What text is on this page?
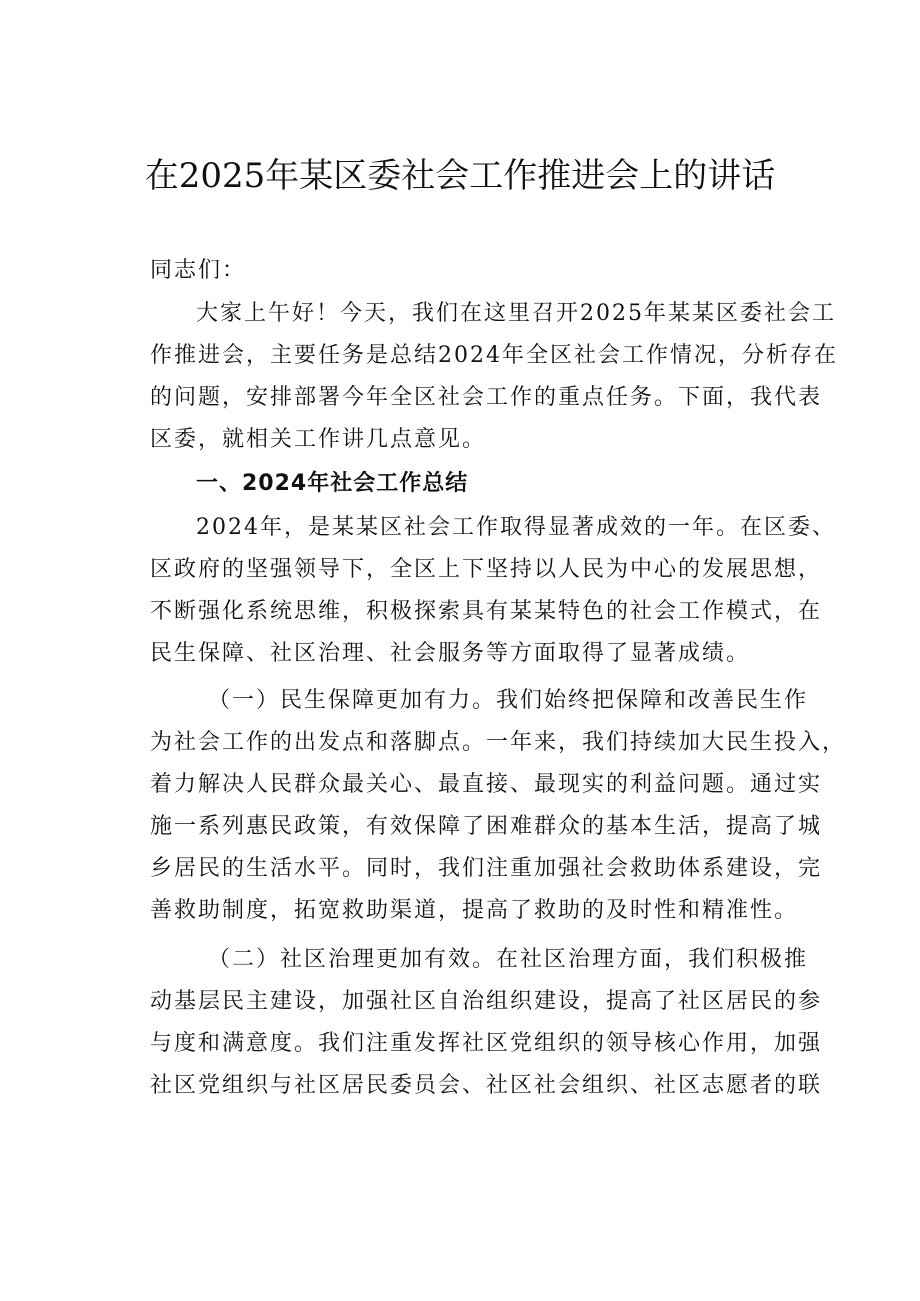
在2025年某区委社会工作推进会上的讲话
同志们：
大家上午好！今天，我们在这里召开2025年某某区委社会工
作推进会，主要任务是总结2024年全区社会工作情况，分析存在
的问题，安排部署今年全区社会工作的重点任务。下面，我代表
区委，就相关工作讲几点意见。
一、2024年社会工作总结
2024年，是某某区社会工作取得显著成效的一年。在区委、
区政府的坚强领导下，全区上下坚持以人民为中心的发展思想，
不断强化系统思维，积极探索具有某某特色的社会工作模式，在
民生保障、社区治理、社会服务等方面取得了显著成绩。
（一）民生保障更加有力。我们始终把保障和改善民生作
为社会工作的出发点和落脚点。一年来，我们持续加大民生投入，
着力解决人民群众最关心、最直接、最现实的利益问题。通过实
施一系列惠民政策，有效保障了困难群众的基本生活，提高了城
乡居民的生活水平。同时，我们注重加强社会救助体系建设，完
善救助制度，拓宽救助渠道，提高了救助的及时性和精准性。
（二）社区治理更加有效。在社区治理方面，我们积极推
动基层民主建设，加强社区自治组织建设，提高了社区居民的参
与度和满意度。我们注重发挥社区党组织的领导核心作用，加强
社区党组织与社区居民委员会、社区社会组织、社区志愿者的联
